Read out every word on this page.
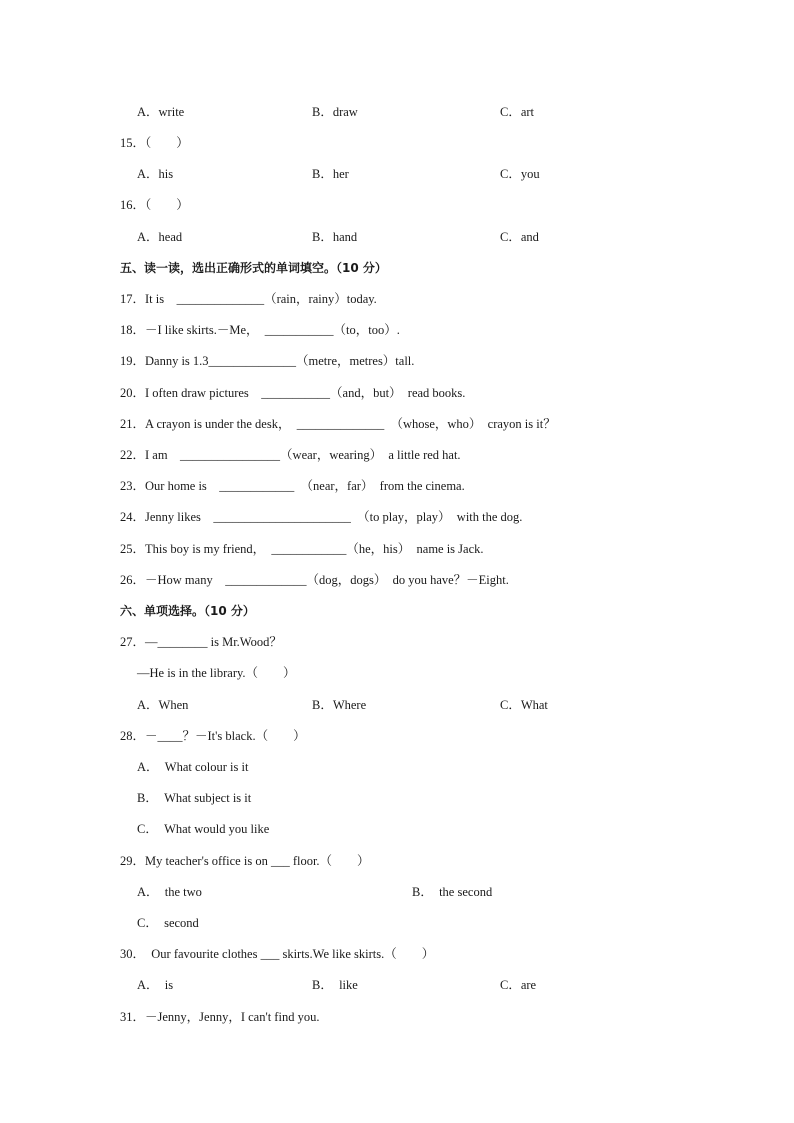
A．write	B．draw	C．art
15．（　　）
A．his	B．her	C．you
16．（　　）
A．head	B．hand	C．and
五、读一读，选出正确形式的单词填空。（10 分）
17．It is　______________（rain，rainy）today.
18．－I like skirts.－Me，　___________（to，too）.
19．Danny is 1.3______________（metre，metres）tall.
20．I often draw pictures　___________（and，but）　read books.
21．A crayon is under the desk，　______________　（whose，who）　crayon is it？
22．I am　________________（wear，wearing）　a little red hat.
23．Our home is　____________　（near，far）　from the cinema.
24．Jenny likes　______________________　（to play，play）　with the dog.
25．This boy is my friend，　____________（he，his）　name is Jack.
26．－How many　_____________（dog，dogs）　do you have？－Eight.
六、单项选择。（10 分）
27．—________ is Mr.Wood？
—He is in the library.（　　）
A．When	B．Where	C．What
28．－____？－It's black.（　　）
A．　What colour is it
B．　What subject is it
C．　What would you like
29．My teacher's office is on ___ floor.（　　）
A．　the two	B．　the second
C．　second
30．　Our favourite clothes ___ skirts.We like skirts.（　　）
A．　is	B．　like	C．are
31．－Jenny，Jenny，I can't find you.
